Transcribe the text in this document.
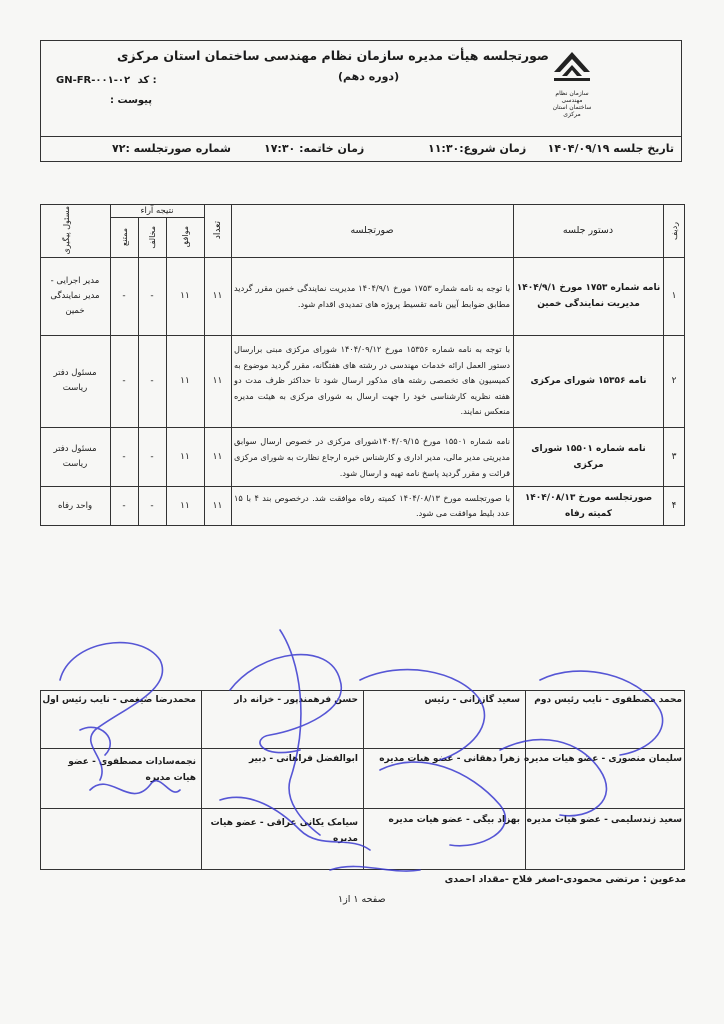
سازمان نظام مهندسی ساختمان استان مرکزی
صورتجلسه هیأت مدیره سازمان نظام مهندسی ساختمان استان مرکزی
(دوره دهم)
GN-FR-۰۰۱-۰۲ کد :
پیوست :
تاریخ جلسه ۱۴۰۴/۰۹/۱۹
زمان شروع:۱۱:۳۰
زمان خاتمه: ۱۷:۳۰
شماره صورتجلسه :۷۲
ردیف
دستور جلسه
صورتجلسه
تعداد
نتیجه آراء
موافق
مخالف
ممتنع
مسئول پیگیری
۱
نامه شماره ۱۷۵۳ مورخ ۱۴۰۴/۹/۱ مدیریت نمایندگی خمین
با توجه به نامه شماره ۱۷۵۳ مورخ ۱۴۰۴/۹/۱ مدیریت نمایندگی خمین مقرر گردید مطابق ضوابط آیین نامه تقسیط پروژه های تمدیدی اقدام شود.
۱۱
۱۱
-
-
مدیر اجرایی - مدیر نمایندگی خمین
۲
نامه ۱۵۳۵۶ شورای مرکزی
با توجه به نامه شماره ۱۵۳۵۶ مورخ ۱۴۰۴/۰۹/۱۲ شورای مرکزی مبنی برارسال دستور العمل ارائه خدمات مهندسی در رشته های هفتگانه، مقرر گردید موضوع به کمیسیون های تخصصی رشته های مذکور ارسال شود تا حداکثر ظرف مدت دو هفته نظریه کارشناسی خود را جهت ارسال به شورای مرکزی به هیئت مدیره منعکس نمایند.
۱۱
۱۱
-
-
مسئول دفتر ریاست
۳
نامه شماره ۱۵۵۰۱ شورای مرکزی
نامه شماره ۱۵۵۰۱ مورخ ۱۴۰۴/۰۹/۱۵شورای مرکزی در خصوص ارسال سوابق مدیریتی مدیر مالی، مدیر اداری و کارشناس خبره ارجاع نظارت به شورای مرکزی قرائت و مقرر گردید پاسخ نامه تهیه و ارسال شود.
۱۱
۱۱
-
-
مسئول دفتر ریاست
۴
صورتجلسه مورخ ۱۴۰۴/۰۸/۱۳ کمیته رفاه
با صورتجلسه مورخ ۱۴۰۴/۰۸/۱۳ کمیته رفاه موافقت شد. درخصوص بند ۴ با ۱۵ عدد بلیط موافقت می شود.
۱۱
۱۱
-
-
واحد رفاه
محمد مصطفوی - نایب رئیس دوم
سعید گازرانی - رئیس
حسن فرهمندپور - خزانه دار
محمدرضا ضیغمی - نایب رئیس اول
سلیمان منصوری - عضو هیات مدیره
زهرا دهقانی - عضو هیات مدیره
ابوالفضل فراهانی - دبیر
نجمه‌سادات مصطفوی - عضو هیات مدیره
سعید زندسلیمی - عضو هیات مدیره
بهزاد بیگی - عضو هیات مدیره
سیامک یکانی عراقی - عضو هیات مدیره
مدعوین : مرتضی محمودی-اصغر فلاح -مقداد احمدی
صفحه ۱ از۱
